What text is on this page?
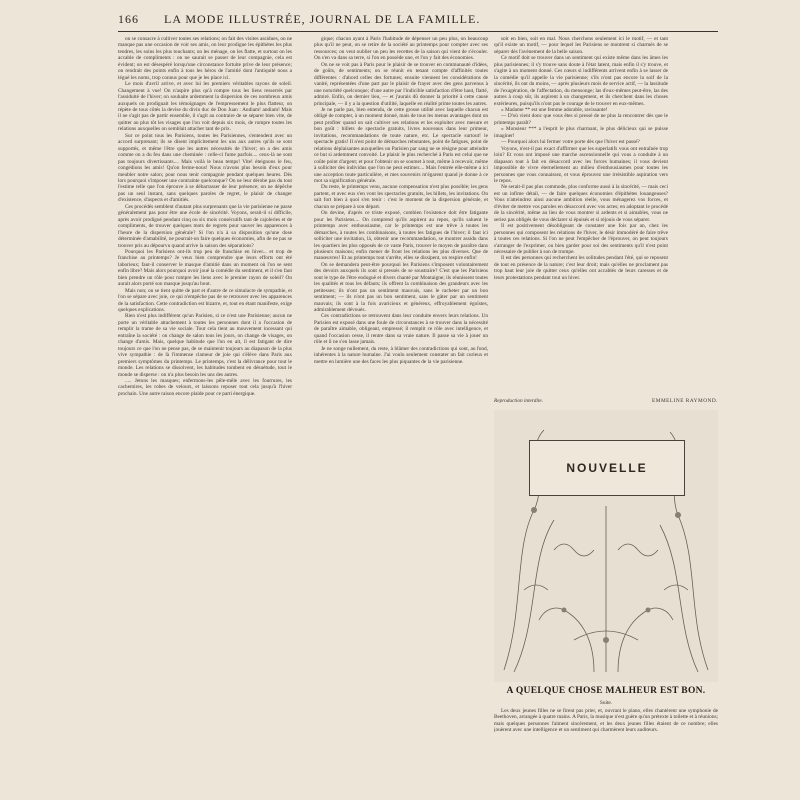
166 LA MODE ILLUSTRÉE, JOURNAL DE LA FAMILLE.

on se consacre à cultiver toutes ses relations; on fait des visites assidues, on ne manque pas une occasion de voir ses amis, on leur prodigue les épithètes les plus tendres, les soins les plus touchants; on les ménage, on les flatte, et surtout on les accable de compliments : on ne saurait se passer de leur compagnie, cela est évident; on est désespéré lorsqu'une circonstance fortuite prive de leur présence; on rendrait des points enfin à tous les héros de l'amitié dont l'antiquité nous a légué les noms, trop connus pour que je les place ici.

Le mois d'avril arrive, et avec lui les premiers véritables rayons de soleil. Changement à vue! On n'aspire plus qu'à rompre tous les liens resserrés par l'assiduité de l'hiver; on souhaite ardemment la dispersion de ces nombreux amis auxquels on prodiguait les témoignages de l'empressement le plus flatteur, on répète de tous côtés la devise du divin duc de Don Juan : Andiam! andiam! Mais il ne s'agit pas de partir ensemble, il s'agit au contraire de se séparer bien vite, de quitter au plus tôt les visages que l'on voit depuis six mois, de rompre toutes les relations auxquelles on semblait attacher tant de prix.

Sur ce point tous les Parisiens, toutes les Parisiennes, s'entendent avec un accord surprenant; ils se disent implicitement les uns aux autres qu'ils se sont supportés, et même l'être que les autres nécessités de l'hiver; on a des amis comme on a du feu dans une cheminée : celle-ci fume parfois.... ceux-là ne sont pas toujours divertissants.... Mais voilà le beau temps! Vite! éteignons le feu, congédions les amis! Qu'on ferme-nous! Nous n'avons plus besoin d'eux pour meubler notre salon; pour nous tenir compagnie pendant quelques heures. Dès lors pourquoi s'imposer une contrainte quelconque? On ne leur dérobe pas du tout l'estime telle que l'on éprouve à se débarrasser de leur présence; on ne dépêche pas un seul instant, sans quelques paroles de regret, le plaisir de changer d'existence, d'aspects et d'amitiés.

Ces procédés semblent d'autant plus surprenants que la vie parisienne ne passe généralement pas pour être une école de sincérité. Voyons, serait-il si difficile, après avoir prodigué pendant cinq ou six mois consécutifs tant de cajoleries et de compliments, de trouver quelques mots de regrets pour sauver les apparences à l'heure de la dispersion générale? Si l'on n'a à sa disposition qu'une dose déterminée d'amabilité, ne pourrait-on faire quelques économies, afin de ne pas se trouver pris au dépourvu quand arrive la saison des séparations?

Pourquoi les Parisiens ont-ils trop peu de franchise en hiver... et trop de franchise au printemps? Je veux bien comprendre que leurs efforts ont été laborieux; faut-il conserver le masque d'amitié dans un moment où l'on se sent enfin libre? Mais alors pourquoi avoir joué la comédie du sentiment, et il s'en faut bien prendre un rôle pour rompre les liens avec le premier rayon de soleil? On aurait alors porté son masque jusqu'au bout.

Mais non; on se tient quitte de part et d'autre de ce simulacre de sympathie, et l'on se sépare avec joie, ce qui n'empêche pas de se retrouver avec les apparences de la satisfaction. Cette contradiction est bizarre, et, tout en étant manifeste, exige quelques explications.

Rien n'est plus indifférent qu'un Parisien, si ce n'est une Parisienne; aucun ne porte un véritable attachement à toutes les personnes dont il a l'occasion de remplir la trame de sa vie sociale. Tout cela tient au mouvement incessant qui entraîne la société : on change de salon tous les jours, on change de visages, on change d'amis. Mais, quelque habitude que l'on en ait, il est fatigant de dire toujours ce que l'on ne pense pas, de se maintenir toujours au diapason de la plus vive sympathie : de là l'immense clameur de joie qui s'élève dans Paris aux premiers symptômes du printemps. Le printemps, c'est la délivrance pour tout le monde. Les relations se dissolvent, les habitudes tombent en désuétude, tout le monde se disperse : on n'a plus besoin les uns des autres.

..... Jetons les masques; enfermons-les pêle-mêle avec les fourrures, les cachemires, les robes de velours, et laissons reposer tout cela jusqu'à l'hiver prochain. Une autre raison encore plaide pour ce parti énergique.

gique; chacun ayant à Paris l'habitude de dépenser un peu plus, on beaucoup plus qu'il ne peut, on se retire de la société au printemps pour compter avec ses ressources; on veut oublier un peu les recettes de la saison qui vient de s'écouler. On s'en va dans sa terre, si l'on en possède une, et l'on y fait des économies.

On ne se voit pas à Paris pour le plaisir de se trouver en communauté d'idées, de goûts, de sentiments; on se réunit en tenant compte d'affinités toutes différentes : d'abord celles des fortunes; ensuite viennent les considérations de vanité, représentées d'une part par le plaisir de frayer avec des gens parvenus à une notoriété quelconque; d'une autre par l'indicible satisfaction d'être haut, flatté, admiré. Enfin, on dernier lieu, — et j'aurais dû donner la priorité à cette cause principale, — il y a la question d'utilité, laquelle en réalité prime toutes les autres.

Je ne parle pas, bien entendu, de cette grosse utilité avec laquelle chacun est obligé de compter, à un moment donné, mais de tous les menus avantages dont on peut profiter quand on sait cultiver ses relations et les exploiter avec mesure et bon goût : billets de spectacle gratuits, livres nouveaux dans leur primeur, invitations, recommandations de toute nature, etc. Le spectacle surtout! le spectacle gratis! Il n'est point de démarches rebutantes, point de fatigues, point de relations déplaisantes auxquelles un Parisien par sang ne se résigne pour atteindre ce but si ardemment convoité. Le plaisir le plus recherché à Paris est celui que ne coûte point d'argent; et pour l'obtenir on se soumet à tout, même à recevoir, même à solliciter des individus que l'on ne peut estimer.... Mais l'entrée elle-même a ici une acception toute particulière, et mes souvenirs m'égarent quand je donne à ce mot sa signification générale.

Du reste, le printemps venu, aucune compensation n'est plus possible; les gens partent, et avec eux s'en vont les spectacles gratuits, les billets, les invitations. On sait fort bien à quoi s'en tenir : c'est le moment de la dispersion générale, et chacun se prépare à son départ.

On devine, d'après ce triste exposé, combien l'existence doit être fatigante pour les Parisiens.... On comprend qu'ils aspirent au repos, qu'ils saluent le printemps avec enthousiasme, car le printemps est une trêve à toutes les démarches, à toutes les combinaisons, à toutes les fatigues de l'hiver; il faut ici solliciter une invitation, là, obtenir une recommandation, se montrer assidu dans les quartiers les plus opposés de ce vaste Paris, trouver le moyen de paraître dans plusieurs maisons; enfin mener de front les relations les plus diverses. Que de manœuvres! Et au printemps tout s'arrête, elles se dissipent, on respire enfin!

On se demandera peut-être pourquoi les Parisiens s'imposent volontairement des devoirs auxquels ils sont si pressés de se soustraire? C'est que les Parisiens sont le type de l'être endoguë et divers chanté par Montaigne; ils réunissent toutes les qualités et tous les défauts; ils offrent la combinaison des grandeurs avec les petitesses; ils n'ont pas un sentiment mauvais, sans le racheter par un bon sentiment; — ils n'ont pas un bon sentiment, sans le gâter par un sentiment mauvais; ils sont à la fois avaricieux et généreux, effroyablement égoïstes, admirablement dévoués.

Ces contradictions se retrouvent dans leur conduite envers leurs relations. Un Parisien est exposé dans une foule de circonstances à se trouver dans la nécessité de paraître aimable, obligeant, empressé; il remplit ce rôle avec intelligence, et quand l'occasion cesse, il rentre dans sa vraie nature. Il passe sa vie à jouer un rôle et il ne s'en lasse jamais.

Je ne songe nullement, du reste, à blâmer des contradictions qui sont, au fond, inhérentes à la nature humaine. J'ai voulu seulement constater un fait curieux et mettre en lumière une des faces les plus piquantes de la vie parisienne.

soit en bien, soit en mal. Nous cherchons seulement ici le motif, — et tant qu'il existe un motif, — pour lequel les Parisiens se montrent si charmés de se séparer dès l'avènement de la belle saison.

Ce motif doit se trouver dans un sentiment qui existe même dans les âmes les plus parisiennes; il s'y trouve sans doute à l'état latent, mais enfin il s'y trouve, et s'agite à un moment donné. Ces cœurs si indifférents arrivent enfin à se lasser de la comédie qu'il appelle la vie parisienne; s'ils n'ont pas encore la soif de la sincérité, ils ont du moins, — après plusieurs mois de service actif, — la lassitude de l'exagération, de l'affectation, du mensonge; las d'eux-mêmes peut-être, las des autres à coup sûr, ils aspirent à un changement, et ils cherchent dans les choses extérieures, puisqu'ils n'ont pas le courage de le trouver en eux-mêmes.

« Madame ** est une femme adorable, ravissante!

— D'où vient donc que vous êtes si pressé de ne plus la rencontrer dès que le printemps paraît?

« Monsieur *** a l'esprit le plus charmant, le plus délicieux qui se puisse imaginer!

— Pourquoi alors lui fermer votre porte dès que l'hiver est passé?

Voyons, n'est-il pas exact d'affirmer que les superlatifs vous ont entraînée trop loin? Et vous ont imposé une marche ascensionnelle qui vous a conduite à un diapason tout à fait en désaccord avec les forces humaines; il vous devient impossible de vivre éternellement au milieu d'enthousiasmes pour toutes les personnes que vous connaissez, et vous éprouvez une irrésistible aspiration vers le repos.

Ne serait-il pas plus commode, plus conforme aussi à la sincérité, — mais ceci est un infime détail, — de faire quelques économies d'épithètes louangeuses? Vous n'atteindrez ainsi aucune ambition réelle, vous ménagerez vos forces, et d'éviter de mettre vos paroles en désaccord avec vos actes; en adoptant le procédé de la sincérité, même au lieu de vous montrer si ardents et si aimables, vous ne seriez pas obligés de vous déclarer si épuisés et si réjouis de vous séparer.

Il est positivement désobligeant de constater une fois par an, chez les personnes qui composent les relations de l'hiver, le désir immodéré de faire trêve à toutes ces relations. Si l'on ne peut l'empêcher de l'éprouver, on peut toujours s'arranger de l'exprimer, ou bien garder pour soi des sentiments qu'il n'est point nécessaire de publier à son de trompe.

Il est des personnes qui recherchent les solitudes pendant l'été, qui se reposent de tout en présence de la nature; c'est leur droit; mais qu'elles ne proclament pas trop haut leur joie de quitter ceux qu'elles ont accablés de leurs caresses et de leurs protestations pendant tout un hiver.

Reproduction interdite.	EMMELINE RAYMOND.
NOUVELLE
A QUELQUE CHOSE MALHEUR EST BON.
Suite.

Les deux jeunes filles ne se firent pas prier, et, ouvrant le piano, elles chantèrent une symphonie de Beethoven, arrangée à quatre mains. A Paris, la musique n'est guère qu'un prétexte à toilette et à réunions; mais quelques personnes l'aiment sincèrement, et les deux jeunes filles étaient de ce nombre; elles jouèrent avec une intelligence et un sentiment qui charmèrent leurs auditeurs.
